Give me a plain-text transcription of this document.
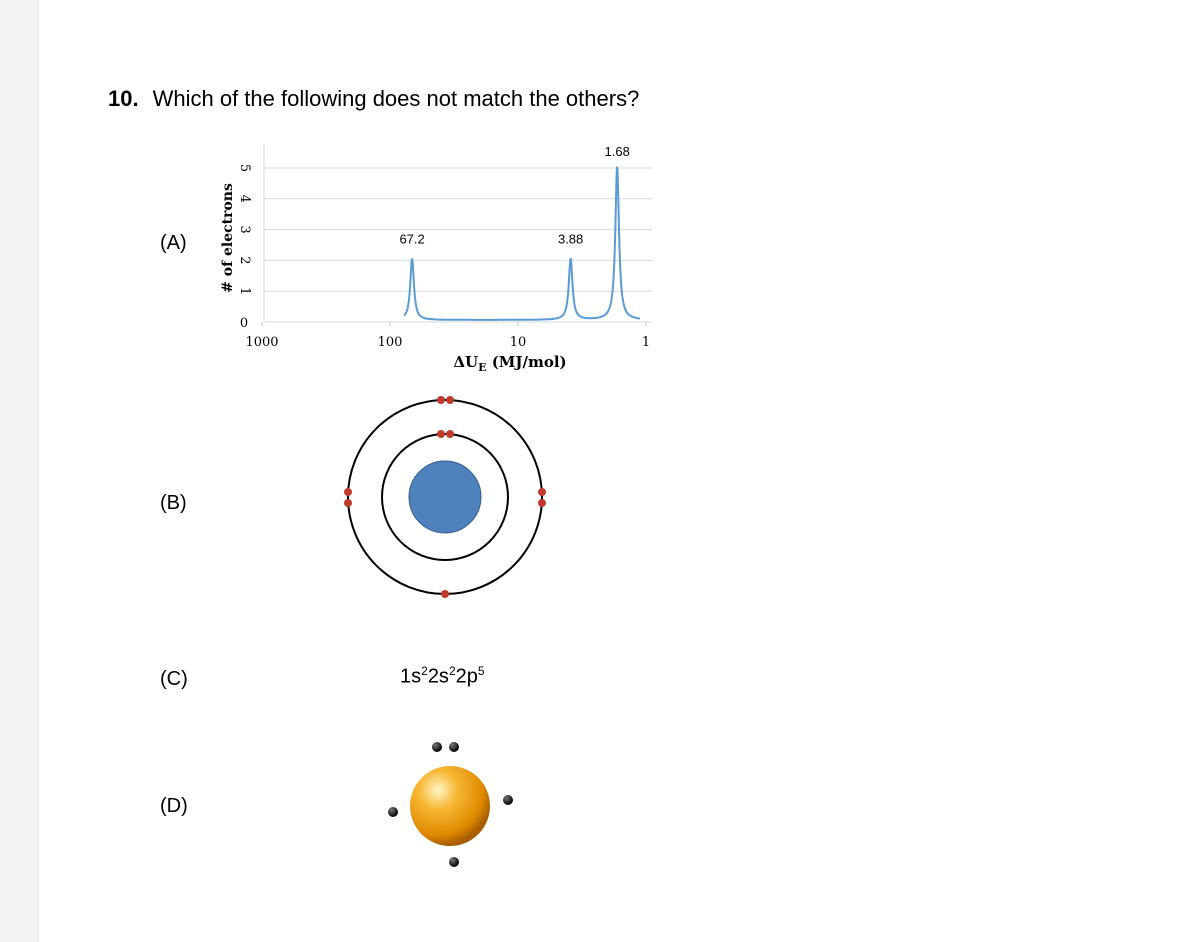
10. Which of the following does not match the others?
(A)
(B)
(C)
(D)
0
1
2
3
4
5
1000	100	10	1
67.2	3.88
1.68
# of electrons
$\Delta U_E$ (MJ/mol)
$1s^22s^22p^5$
